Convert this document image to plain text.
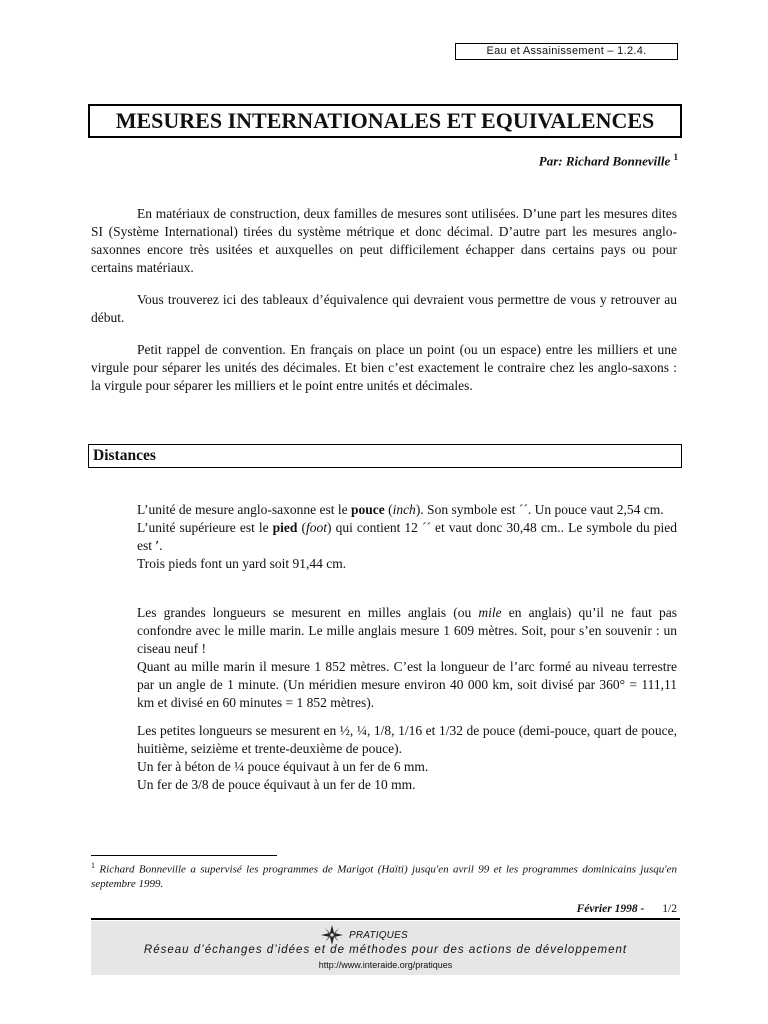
Eau et Assainissement – 1.2.4.
MESURES INTERNATIONALES ET EQUIVALENCES
Par: Richard Bonneville $^1$

En matériaux de construction, deux familles de mesures sont utilisées. D’une part les mesures dites SI (Système International) tirées du système métrique et donc décimal. D’autre part les mesures anglo-saxonnes encore très usitées et auxquelles on peut difficilement échapper dans certains pays ou pour certains matériaux.

Vous trouverez ici des tableaux d’équivalence qui devraient vous permettre de vous y retrouver au début.

Petit rappel de convention. En français on place un point (ou un espace) entre les milliers et une virgule pour séparer les unités des décimales. Et bien c’est exactement le contraire chez les anglo-saxons : la virgule pour séparer les milliers et le point entre unités et décimales.

Distances
L’unité de mesure anglo-saxonne est le pouce (inch). Son symbole est ´´. Un pouce vaut 2,54 cm.
L’unité supérieure est le pied (foot) qui contient 12 ´´ et vaut donc 30,48 cm.. Le symbole du pied est ′.
Trois pieds font un yard soit 91,44 cm.
Les grandes longueurs se mesurent en milles anglais (ou mile en anglais) qu’il ne faut pas confondre avec le mille marin. Le mille anglais mesure 1 609 mètres. Soit, pour s’en souvenir : un ciseau neuf !
Quant au mille marin il mesure 1 852 mètres. C’est la longueur de l’arc formé au niveau terrestre par un angle de 1 minute. (Un méridien mesure environ 40 000 km, soit divisé par 360° = 111,11 km et divisé en 60 minutes = 1 852 mètres).
Les petites longueurs se mesurent en ½, ¼, 1/8, 1/16 et 1/32 de pouce (demi-pouce, quart de pouce, huitième, seizième et trente-deuxième de pouce).
Un fer à béton de ¼ pouce équivaut à un fer de 6 mm.
Un fer de 3/8 de pouce équivaut à un fer de 10 mm.
$^1$ Richard Bonneville a supervisé les programmes de Marigot (Haïti) jusqu'en avril 99 et les programmes dominicains jusqu'en septembre 1999.
Février 1998 - 1/2
PRATIQUES
Réseau d’échanges d’idées et de méthodes pour des actions de développement
http://www.interaide.org/pratiques
